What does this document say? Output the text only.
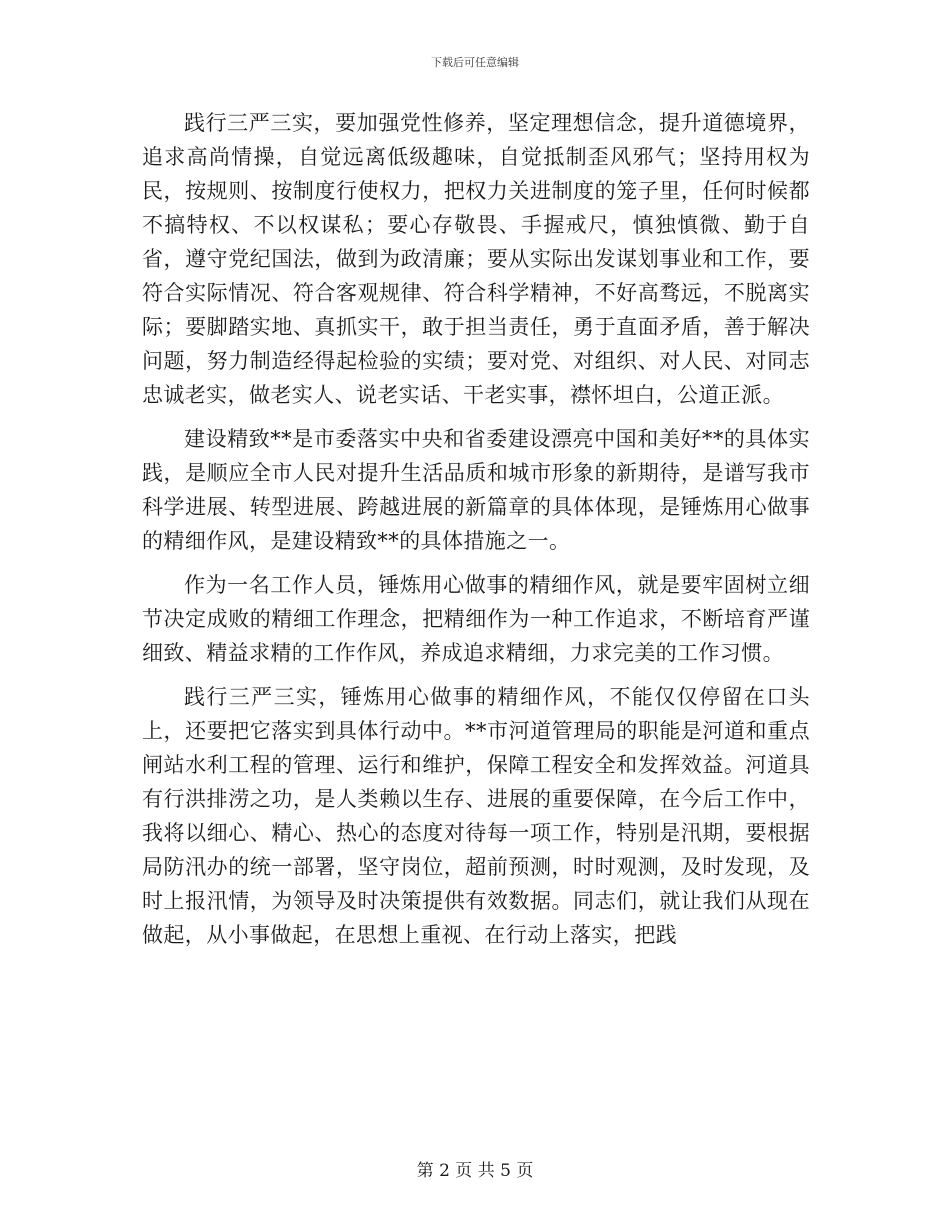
下载后可任意编辑

践行三严三实，要加强党性修养，坚定理想信念，提升道德境界，追求高尚情操，自觉远离低级趣味，自觉抵制歪风邪气；坚持用权为民，按规则、按制度行使权力，把权力关进制度的笼子里，任何时候都不搞特权、不以权谋私；要心存敬畏、手握戒尺，慎独慎微、勤于自省，遵守党纪国法，做到为政清廉；要从实际出发谋划事业和工作，要符合实际情况、符合客观规律、符合科学精神，不好高骛远，不脱离实际；要脚踏实地、真抓实干，敢于担当责任，勇于直面矛盾，善于解决问题，努力制造经得起检验的实绩；要对党、对组织、对人民、对同志忠诚老实，做老实人、说老实话、干老实事，襟怀坦白，公道正派。

建设精致**是市委落实中央和省委建设漂亮中国和美好**的具体实践，是顺应全市人民对提升生活品质和城市形象的新期待，是谱写我市科学进展、转型进展、跨越进展的新篇章的具体体现，是锤炼用心做事的精细作风，是建设精致**的具体措施之一。

作为一名工作人员，锤炼用心做事的精细作风，就是要牢固树立细节决定成败的精细工作理念，把精细作为一种工作追求，不断培育严谨细致、精益求精的工作作风，养成追求精细，力求完美的工作习惯。

践行三严三实，锤炼用心做事的精细作风，不能仅仅停留在口头上，还要把它落实到具体行动中。**市河道管理局的职能是河道和重点闸站水利工程的管理、运行和维护，保障工程安全和发挥效益。河道具有行洪排涝之功，是人类赖以生存、进展的重要保障，在今后工作中，我将以细心、精心、热心的态度对待每一项工作，特别是汛期，要根据局防汛办的统一部署，坚守岗位，超前预测，时时观测，及时发现，及时上报汛情，为领导及时决策提供有效数据。同志们，就让我们从现在做起，从小事做起，在思想上重视、在行动上落实，把践

第 2 页 共 5 页
